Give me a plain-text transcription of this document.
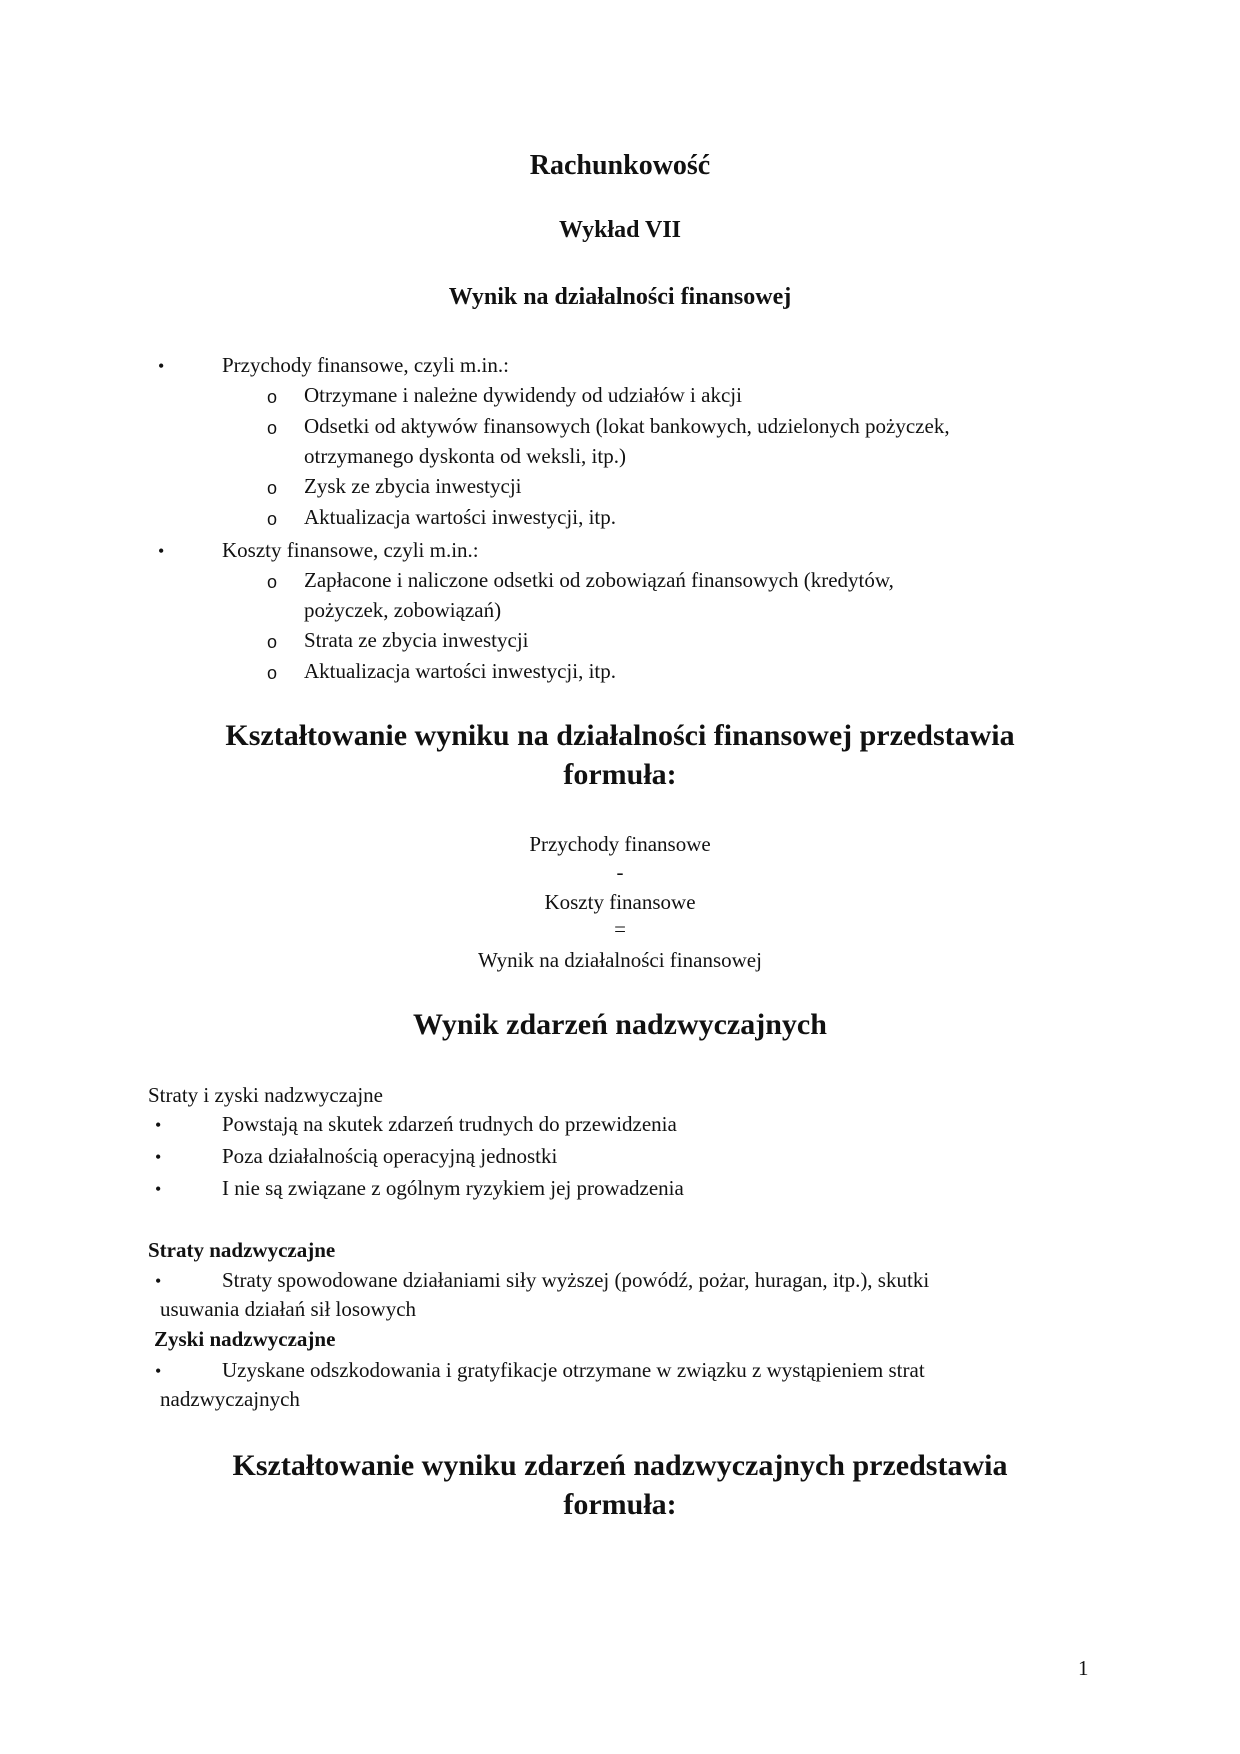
Rachunkowość
Wykład VII
Wynik na działalności finansowej
•	Przychody finansowe, czyli m.in.:
o Otrzymane i należne dywidendy od udziałów i akcji
o Odsetki od aktywów finansowych (lokat bankowych, udzielonych pożyczek,
otrzymanego dyskonta od weksli, itp.)
o Zysk ze zbycia inwestycji
o Aktualizacja wartości inwestycji, itp.
•	Koszty finansowe, czyli m.in.:
o Zapłacone i naliczone odsetki od zobowiązań finansowych (kredytów,
pożyczek, zobowiązań)
o Strata ze zbycia inwestycji
o Aktualizacja wartości inwestycji, itp.
Kształtowanie wyniku na działalności finansowej przedstawia
formuła:
Przychody finansowe
-
Koszty finansowe
=
Wynik na działalności finansowej
Wynik zdarzeń nadzwyczajnych
Straty i zyski nadzwyczajne
•	Powstają na skutek zdarzeń trudnych do przewidzenia
•	Poza działalnością operacyjną jednostki
•	I nie są związane z ogólnym ryzykiem jej prowadzenia
Straty nadzwyczajne
•	Straty spowodowane działaniami siły wyższej (powódź, pożar, huragan, itp.), skutki
usuwania działań sił losowych
Zyski nadzwyczajne
•	Uzyskane odszkodowania i gratyfikacje otrzymane w związku z wystąpieniem strat
nadzwyczajnych
Kształtowanie wyniku zdarzeń nadzwyczajnych przedstawia
formuła:
1
